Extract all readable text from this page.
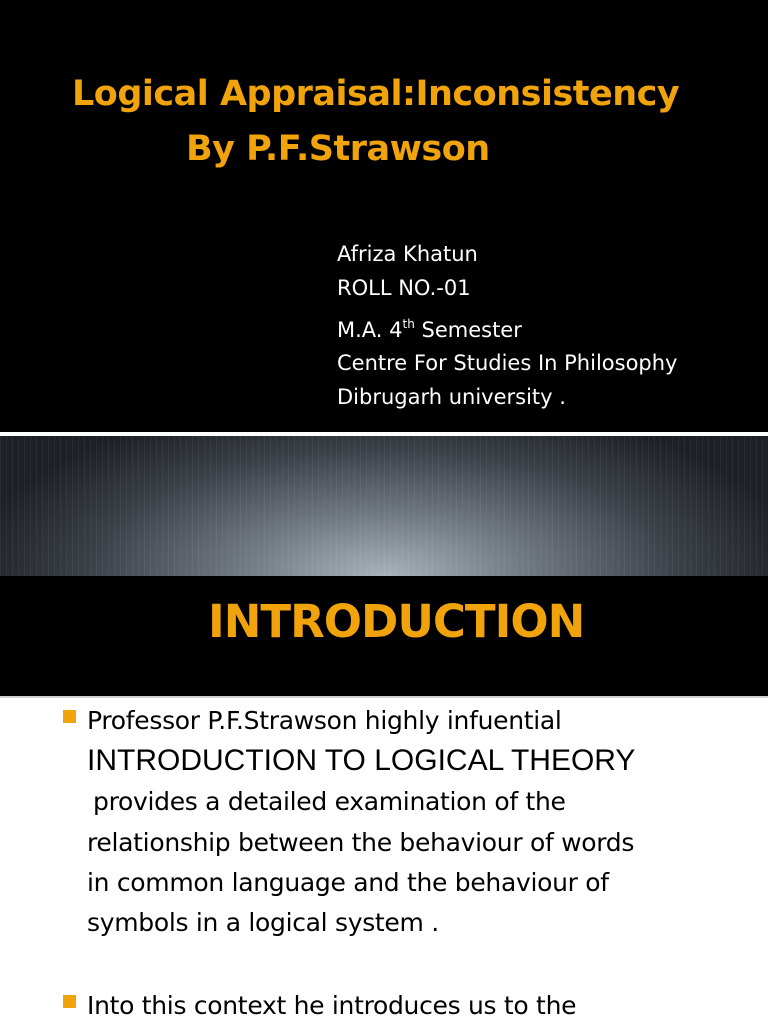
Logical Appraisal:Inconsistency
By P.F.Strawson
Afriza Khatun
ROLL NO.-01
M.A. 4th Semester
Centre For Studies In Philosophy
Dibrugarh university .
INTRODUCTION
Professor P.F.Strawson highly infuential
INTRODUCTION TO LOGICAL THEORY
provides a detailed examination of the
relationship between the behaviour of words
in common language and the behaviour of
symbols in a logical system .
Into this context he introduces us to the
